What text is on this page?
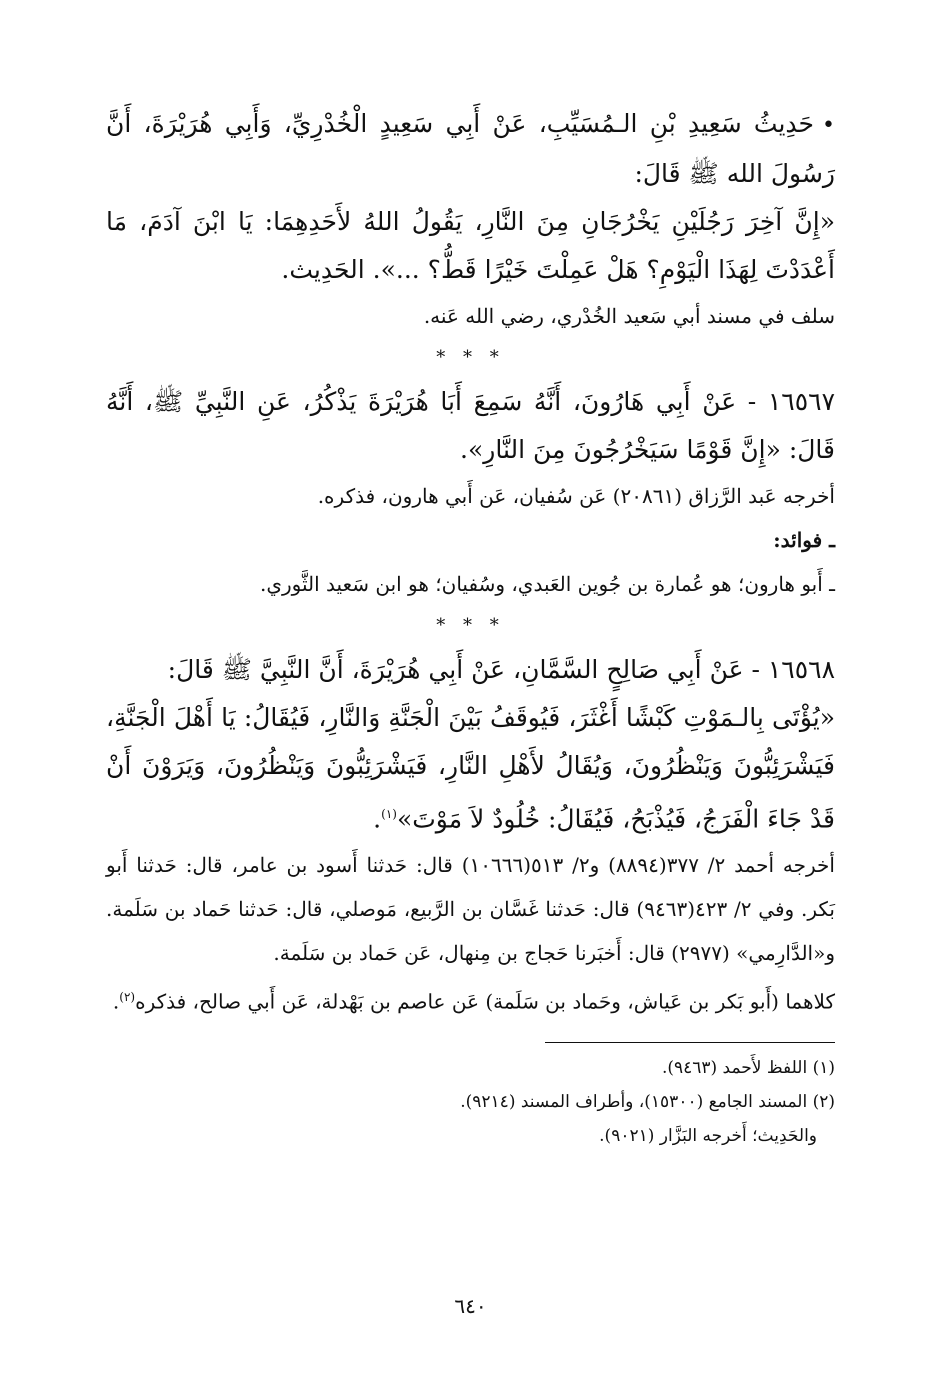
•حَدِيثُ سَعِيدِ بْنِ الـمُسَيِّبِ، عَنْ أَبِي سَعِيدٍ الْخُدْرِيِّ، وَأَبِي هُرَيْرَةَ، أَنَّ رَسُولَ الله ﷺ قَالَ:

«إِنَّ آخِرَ رَجُلَيْنِ يَخْرُجَانِ مِنَ النَّارِ، يَقُولُ اللهُ لأَحَدِهِمَا: يَا ابْنَ آدَمَ، مَا أَعْدَدْتَ لِهَذَا الْيَوْمِ؟ هَلْ عَمِلْتَ خَيْرًا قَطُّ؟ ...». الحَدِيث.

سلف في مسند أبي سَعيد الخُدْري، رضي الله عَنه.

* * *

١٦٥٦٧ - عَنْ أَبِي هَارُونَ، أَنَّهُ سَمِعَ أَبَا هُرَيْرَةَ يَذْكُرُ، عَنِ النَّبِيِّ ﷺ، أَنَّهُ قَالَ: «إِنَّ قَوْمًا سَيَخْرُجُونَ مِنَ النَّارِ».

أخرجه عَبد الرَّزاق (٢٠٨٦١) عَن سُفيان، عَن أَبي هارون، فذكره.

ـ فوائد:

ـ أَبو هارون؛ هو عُمارة بن جُوين العَبدي، وسُفيان؛ هو ابن سَعيد الثَّوري.

* * *

١٦٥٦٨ - عَنْ أَبِي صَالِحٍ السَّمَّانِ، عَنْ أَبِي هُرَيْرَةَ، أَنَّ النَّبِيَّ ﷺ قَالَ:

«يُؤْتَى بِالـمَوْتِ كَبْشًا أَغْثَرَ، فَيُوقَفُ بَيْنَ الْجَنَّةِ وَالنَّارِ، فَيُقَالُ: يَا أَهْلَ الْجَنَّةِ، فَيَشْرَئِبُّونَ وَيَنْظُرُونَ، وَيُقَالُ لأَهْلِ النَّارِ، فَيَشْرَئِبُّونَ وَيَنْظُرُونَ، وَيَرَوْنَ أَنْ قَدْ جَاءَ الْفَرَجُ، فَيُذْبَحُ، فَيُقَالُ: خُلُودٌ لاَ مَوْتَ»$^{(١)}$.

أخرجه أحمد ٢/ ٣٧٧(٨٨٩٤) و٢/ ٥١٣(١٠٦٦٦) قال: حَدثنا أَسود بن عامر، قال: حَدثنا أَبو بَكر. وفي ٢/ ٤٢٣(٩٤٦٣) قال: حَدثنا غَسَّان بن الرَّبيع، مَوصلي، قال: حَدثنا حَماد بن سَلَمة. و«الدَّارِمي» (٢٩٧٧) قال: أَخبَرنا حَجاج بن مِنهال، عَن حَماد بن سَلَمة.

كلاهما (أَبو بَكر بن عَياش، وحَماد بن سَلَمة) عَن عاصم بن بَهْدلة، عَن أَبي صالح، فذكره$^{(٢)}$.

(١) اللفظ لأَحمد (٩٤٦٣).

(٢) المسند الجامع (١٥٣٠٠)، وأطراف المسند (٩٢١٤).

والحَدِيث؛ أَخرجه البَزَّار (٩٠٢١).

٦٤٠
